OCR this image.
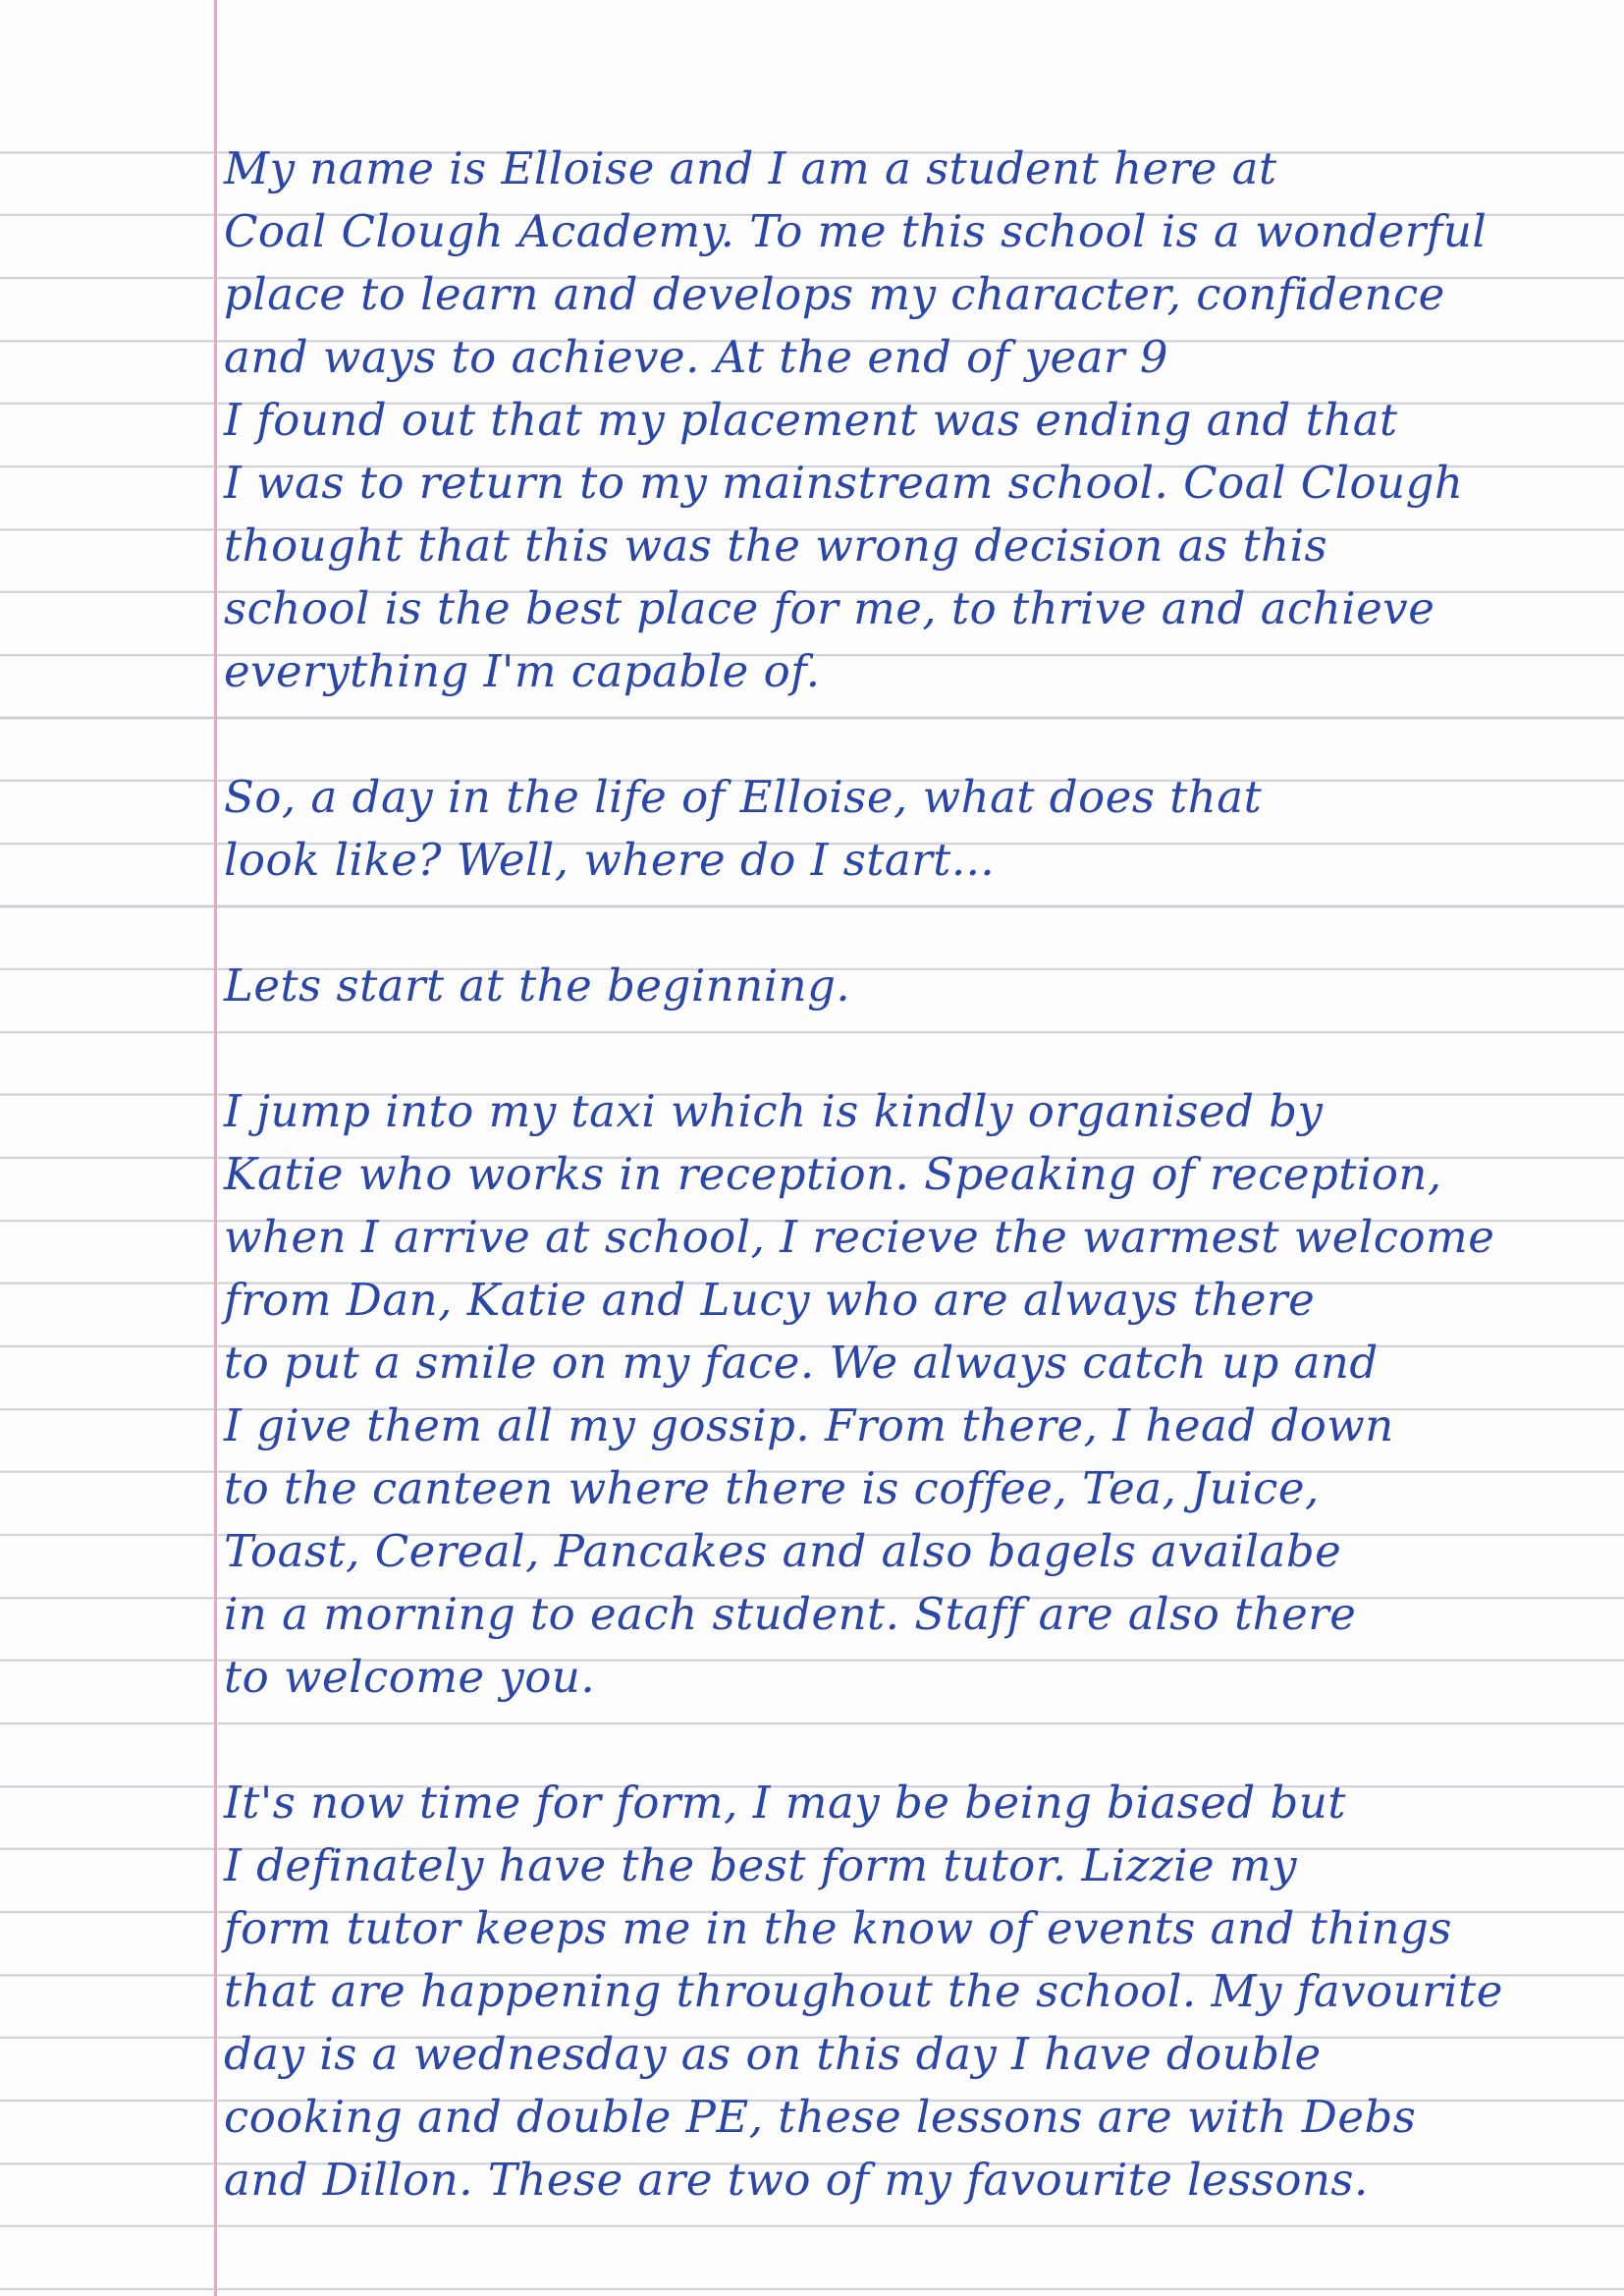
My name is Elloise and I am a student here at
Coal Clough Academy. To me this school is a wonderful
place to learn and develops my character, confidence
and ways to achieve. At the end of year 9
I found out that my placement was ending and that
I was to return to my mainstream school. Coal Clough
thought that this was the wrong decision as this
school is the best place for me, to thrive and achieve
everything I'm capable of.
So, a day in the life of Elloise, what does that
look like? Well, where do I start...
Lets start at the beginning.
I jump into my taxi which is kindly organised by
Katie who works in reception. Speaking of reception,
when I arrive at school, I recieve the warmest welcome
from Dan, Katie and Lucy who are always there
to put a smile on my face. We always catch up and
I give them all my gossip. From there, I head down
to the canteen where there is coffee, Tea, Juice,
Toast, Cereal, Pancakes and also bagels availabe
in a morning to each student. Staff are also there
to welcome you.
It's now time for form, I may be being biased but
I definately have the best form tutor. Lizzie my
form tutor keeps me in the know of events and things
that are happening throughout the school. My favourite
day is a wednesday as on this day I have double
cooking and double PE, these lessons are with Debs
and Dillon. These are two of my favourite lessons.
